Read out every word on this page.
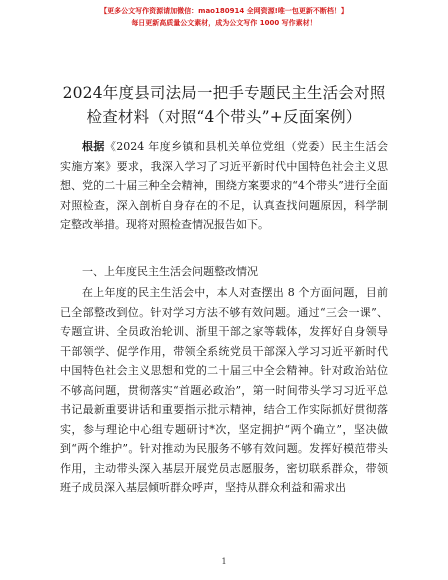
【更多公文写作资源请加微信：mao180914 全网资源!唯一包更新不断档！】
每日更新高质量公文素材，成为公文写作 1000 写作素材！
2024年度县司法局一把手专题民主生活会对照
检查材料（对照“4个带头”+反面案例）
根据《2024 年度乡镇和县机关单位党组（党委）民主生活会实施方案》要求，我深入学习了习近平新时代中国特色社会主义思想、党的二十届三种全会精神，围绕方案要求的“4个带头”进行全面对照检查，深入剖析自身存在的不足，认真查找问题原因，科学制定整改举措。现将对照检查情况报告如下。
一、上年度民主生活会问题整改情况
在上年度的民主生活会中，本人对查摆出 8 个方面问题，目前已全部整改到位。针对学习方法不够有效问题。通过“三会一课”、专题宣讲、全员政治轮训、浙里干部之家等载体，发挥好自身领导干部领学、促学作用，带领全系统党员干部深入学习习近平新时代中国特色社会主义思想和党的二十届三中全会精神。针对政治站位不够高问题，贯彻落实“首题必政治”，第一时间带头学习习近平总书记最新重要讲话和重要指示批示精神，结合工作实际抓好贯彻落实，参与理论中心组专题研讨*次，坚定拥护“两个确立”，坚决做到“两个维护”。针对推动为民服务不够有效问题。发挥好模范带头作用，主动带头深入基层开展党员志愿服务，密切联系群众，带领班子成员深入基层倾听群众呼声，坚持从群众利益和需求出
1
